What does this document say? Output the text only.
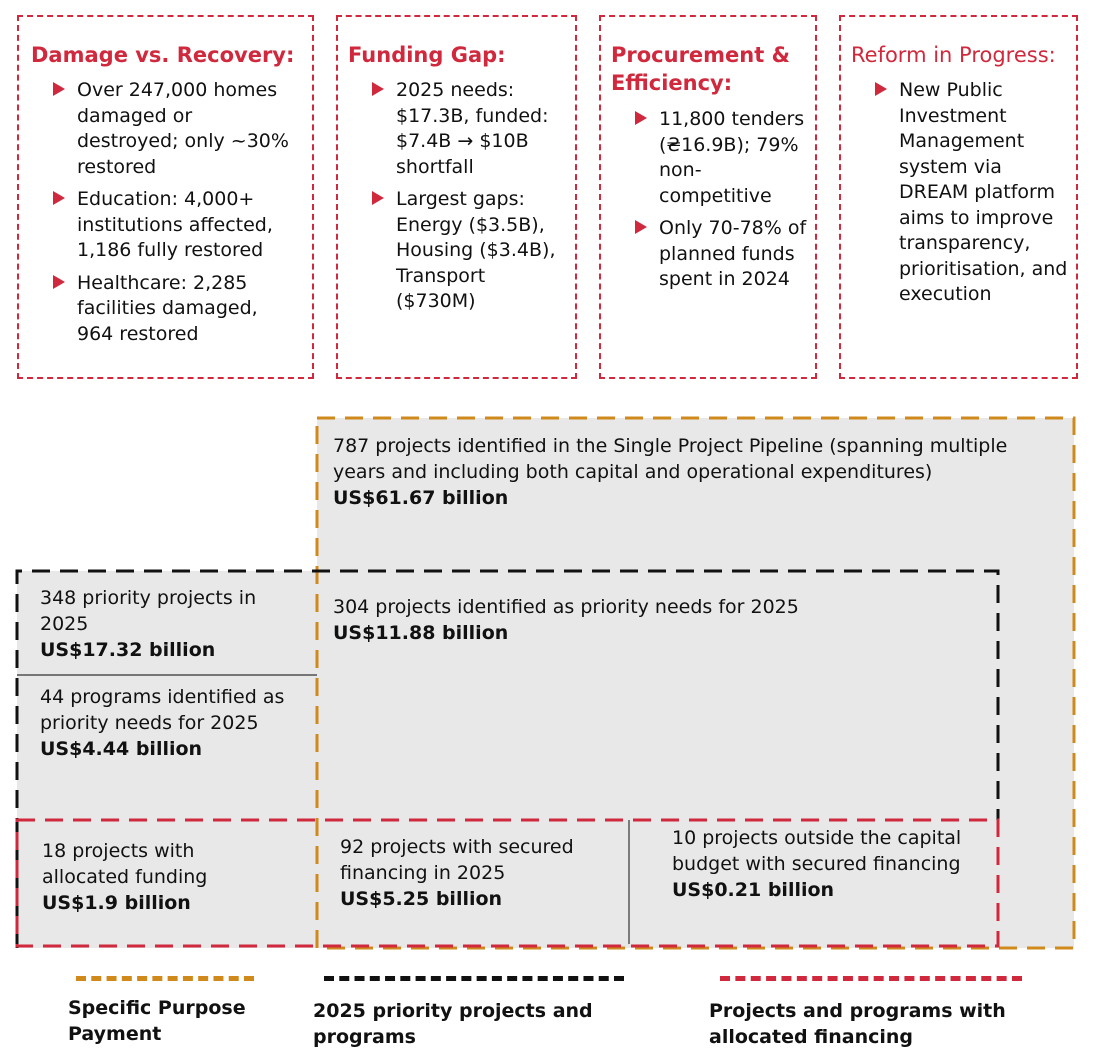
Damage vs. Recovery:
Over 247,000 homes damaged or destroyed; only ~30% restored
Education: 4,000+ institutions affected, 1,186 fully restored
Healthcare: 2,285 facilities damaged, 964 restored
Funding Gap:
2025 needs: $17.3B, funded: $7.4B → $10B shortfall
Largest gaps: Energy ($3.5B), Housing ($3.4B), Transport ($730M)
Procurement & Efficiency:
11,800 tenders (₴16.9B); 79% non-competitive
Only 70-78% of planned funds spent in 2024
Reform in Progress:
New Public Investment Management system via DREAM platform aims to improve transparency, prioritisation, and execution
787 projects identified in the Single Project Pipeline (spanning multiple years and including both capital and operational expenditures)
US$61.67 billion
348 priority projects in 2025
US$17.32 billion
304 projects identified as priority needs for 2025
US$11.88 billion
44 programs identified as priority needs for 2025
US$4.44 billion
18 projects with allocated funding
US$1.9 billion
92 projects with secured financing in 2025
US$5.25 billion
10 projects outside the capital budget with secured financing
US$0.21 billion
Specific Purpose Payment
2025 priority projects and programs
Projects and programs with allocated financing
